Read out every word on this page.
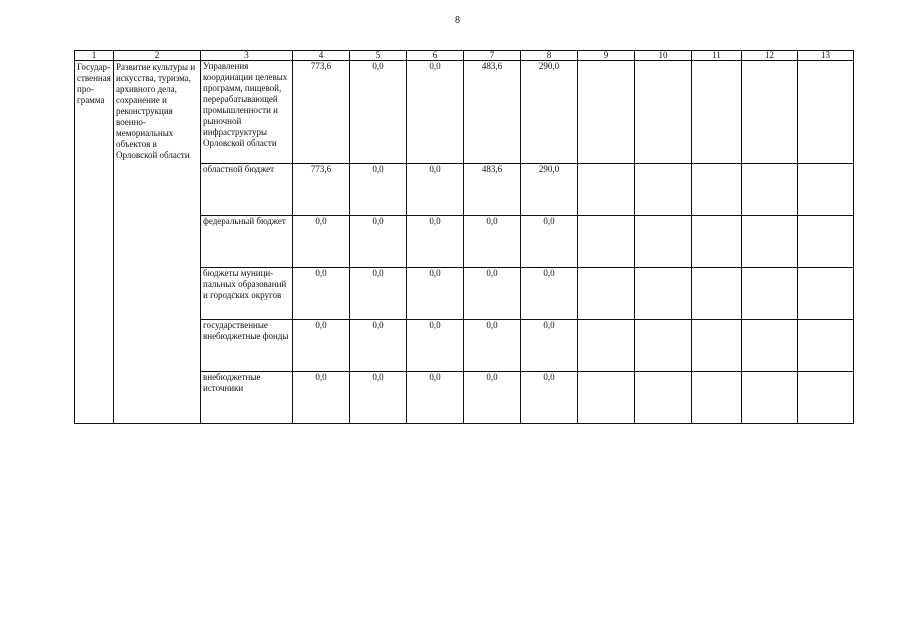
8
1	2	3	4	5	6	7	8	9	10	11	12	13
Государ-ственная про-грамма	Развитие культуры и искусства, туризма, архивного дела, сохранение и реконструкция военно-мемориальных объектов в Орловской области	Управления координации целевых программ, пищевой, перерабатывающей промышленности и рыночной инфраструктуры Орловской области	773,6	0,0	0,0	483,6	290,0					
		областной бюджет	773,6	0,0	0,0	483,6	290,0					
		федеральный бюджет	0,0	0,0	0,0	0,0	0,0					
		бюджеты муници-пальных образований и городских округов	0,0	0,0	0,0	0,0	0,0					
		государственные внебюджетные фонды	0,0	0,0	0,0	0,0	0,0					
		внебюджетные источники	0,0	0,0	0,0	0,0	0,0					
